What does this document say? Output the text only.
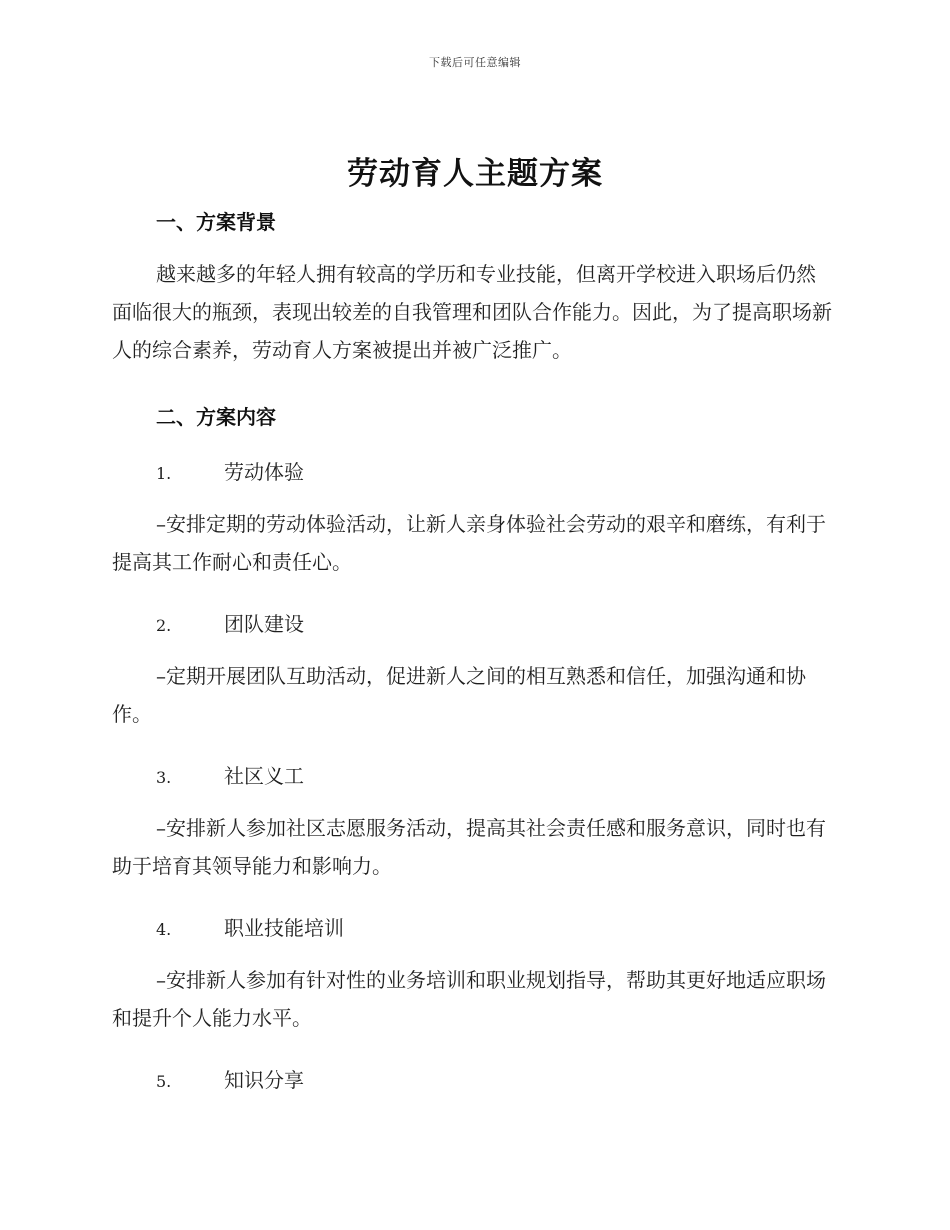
下载后可任意编辑
劳动育人主题方案
一、方案背景

越来越多的年轻人拥有较高的学历和专业技能，但离开学校进入职场后仍然面临很大的瓶颈，表现出较差的自我管理和团队合作能力。因此，为了提高职场新人的综合素养，劳动育人方案被提出并被广泛推广。

二、方案内容
1.	劳动体验

–安排定期的劳动体验活动，让新人亲身体验社会劳动的艰辛和磨练，有利于提高其工作耐心和责任心。

2.	团队建设

–定期开展团队互助活动，促进新人之间的相互熟悉和信任，加强沟通和协作。

3.	社区义工

–安排新人参加社区志愿服务活动，提高其社会责任感和服务意识，同时也有助于培育其领导能力和影响力。

4.	职业技能培训

–安排新人参加有针对性的业务培训和职业规划指导，帮助其更好地适应职场和提升个人能力水平。

5.	知识分享
